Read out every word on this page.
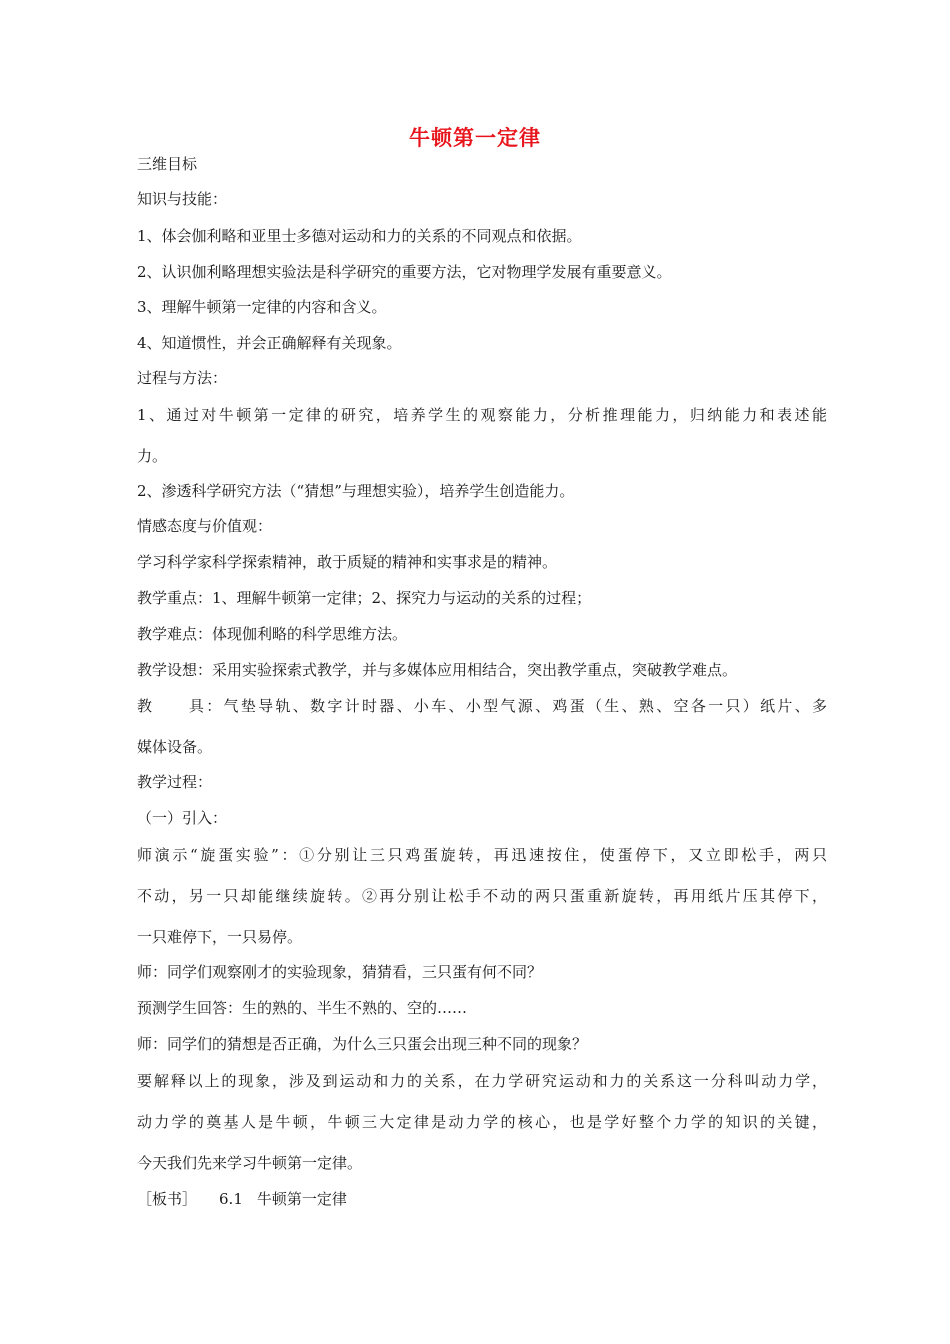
牛顿第一定律
三维目标
知识与技能：
1、体会伽利略和亚里士多德对运动和力的关系的不同观点和依据。
2、认识伽利略理想实验法是科学研究的重要方法，它对物理学发展有重要意义。
3、理解牛顿第一定律的内容和含义。
4、知道惯性，并会正确解释有关现象。
过程与方法：
1、通过对牛顿第一定律的研究，培养学生的观察能力，分析推理能力，归纳能力和表述能
力。
2、渗透科学研究方法（“猜想”与理想实验），培养学生创造能力。
情感态度与价值观：
学习科学家科学探索精神，敢于质疑的精神和实事求是的精神。
教学重点：1、理解牛顿第一定律；2、探究力与运动的关系的过程；
教学难点：体现伽利略的科学思维方法。
教学设想：采用实验探索式教学，并与多媒体应用相结合，突出教学重点，突破教学难点。
教　　具：气垫导轨、数字计时器、小车、小型气源、鸡蛋（生、熟、空各一只）纸片、多
媒体设备。
教学过程：
（一）引入：
师演示“旋蛋实验”：①分别让三只鸡蛋旋转，再迅速按住，使蛋停下，又立即松手，两只
不动，另一只却能继续旋转。②再分别让松手不动的两只蛋重新旋转，再用纸片压其停下，
一只难停下，一只易停。
师：同学们观察刚才的实验现象，猜猜看，三只蛋有何不同？
预测学生回答：生的熟的、半生不熟的、空的……
师：同学们的猜想是否正确，为什么三只蛋会出现三种不同的现象？
要解释以上的现象，涉及到运动和力的关系，在力学研究运动和力的关系这一分科叫动力学，
动力学的奠基人是牛顿，牛顿三大定律是动力学的核心，也是学好整个力学的知识的关键，
今天我们先来学习牛顿第一定律。
［板书］ 6.1 牛顿第一定律
